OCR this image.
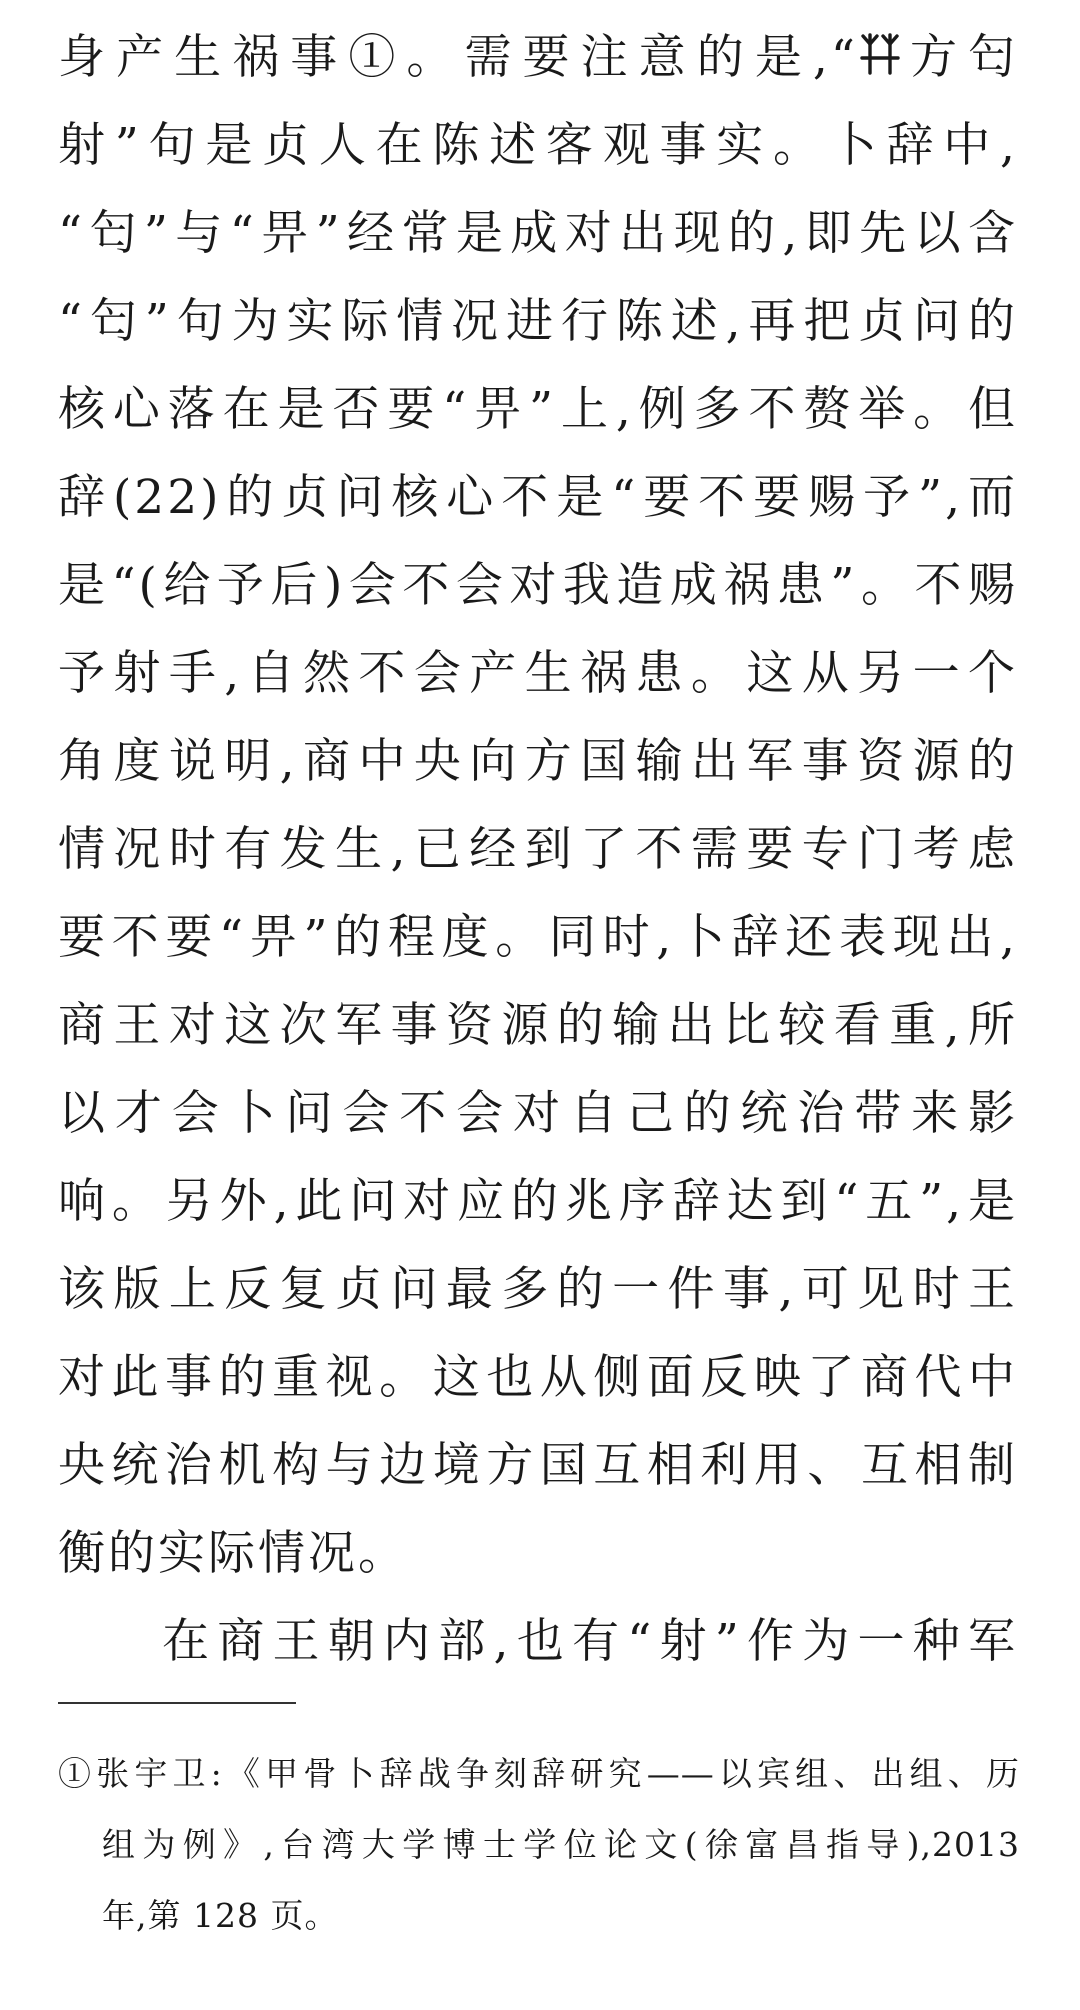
身产生祸事①。需要注意的是,“ 方匄
射”句是贞人在陈述客观事实。卜辞中,
“匄”与“畀”经常是成对出现的,即先以含
“匄”句为实际情况进行陈述,再把贞问的
核心落在是否要“畀”上,例多不赘举。但
辞(22)的贞问核心不是“要不要赐予”,而
是“(给予后)会不会对我造成祸患”。不赐
予射手,自然不会产生祸患。这从另一个
角度说明,商中央向方国输出军事资源的
情况时有发生,已经到了不需要专门考虑
要不要“畀”的程度。同时,卜辞还表现出,
商王对这次军事资源的输出比较看重,所
以才会卜问会不会对自己的统治带来影
响。另外,此问对应的兆序辞达到“五”,是
该版上反复贞问最多的一件事,可见时王
对此事的重视。这也从侧面反映了商代中
央统治机构与边境方国互相利用、互相制
衡的实际情况。
在商王朝内部,也有“射”作为一种军
①张宇卫:《甲骨卜辞战争刻辞研究——以宾组、出组、历
组为例》,台湾大学博士学位论文(徐富昌指导),2013
年,第 128 页。
